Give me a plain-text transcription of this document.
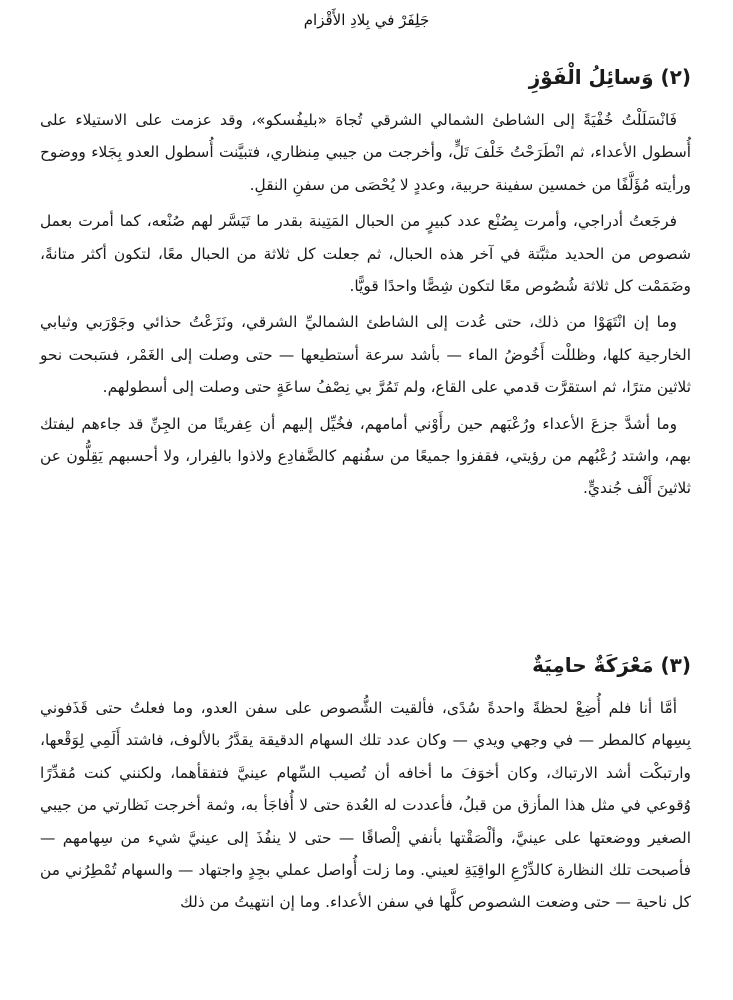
جَلِفَرْ في بِلادِ الأَقْزام
(٢) وَسائِلُ الْفَوْزِ

فَانْسَلَلْتُ خُفْيَةً إلى الشاطئ الشمالي الشرقي تُجاهَ «بليفُسكو»، وقد عزمت على الاستيلاء على أُسطول الأعداء، ثم انْطَرَحْتُ خَلْفَ تَلٍّ، وأخرجت من جيبي مِنظاري، فتبيَّنت أُسطول العدو بِجَلاء ووضوح ورأيته مُؤَلَّفًا من خمسين سفينة حربية، وعددٍ لا يُحْصَى من سفنِ النقلِ.

فرجَعتُ أدراجي، وأمرت بِصُنْع عدد كبيرٍ من الحبال المَتِينة بقدر ما تَيَسَّر لهم صُنْعه، كما أمرت بعمل شصوص من الحديد مثبَّتة في آخر هذه الحبال، ثم جعلت كل ثلاثة من الحبال معًا، لتكون أكثر متانةً، وضَمَمْت كل ثلاثة شُصُوص معًا لتكون شِصًّا واحدًا قويًّا.

وما إن انْتَهَوْا من ذلك، حتى عُدت إلى الشاطئ الشماليِّ الشرقي، ونَزَعْتُ حذائي وجَوْرَبي وثيابي الخارجية كلها، وظللْت أَخُوضُ الماء — بأشد سرعة أستطيعها — حتى وصلت إلى الغَمْر، فسَبحت نحو ثلاثين مترًا، ثم استقرَّت قدمي على القاع، ولم تَمُرَّ بي نِصْفُ ساعَةٍ حتى وصلت إلى أسطولهم.

وما أشدَّ جزعَ الأعداء ورُعْبَهم حين رأَوْني أمامهم، فخُيِّل إليهم أن عِفريتًا من الجِنِّ قد جاءهم ليفتك بهم، واشتد رُعْبُهم من رؤيتي، فقفزوا جميعًا من سفُنهم كالضَّفادِع ولاذوا بالفِرار، ولا أحسبهم يَقِلُّون عن ثلاثينَ أَلْف جُنديٍّ.

(٣) مَعْرَكَةٌ حامِيَةٌ

أمَّا أنا فلم أُضِعْ لحظةً واحدةً سُدًى، فألقيت الشُّصوص على سفن العدو، وما فعلتُ حتى قَذَفوني بِسِهام كالمطر — في وجهي ويدي — وكان عدد تلك السهام الدقيقة يقدَّرُ بالألوف، فاشتد أَلَمِي لِوَقْعها، وارتبكْت أشد الارتباك، وكان أخوَفَ ما أخافه أن تُصيب السِّهام عينيَّ فتفقأهما، ولكنني كنت مُقدِّرًا وُقوعي في مثل هذا المأزق من قبلُ، فأعددت له العُدة حتى لا أُفاجَأ به، وثمة أخرجت نَظارتي من جيبي الصغير ووضعتها على عينيَّ، وألْصَقْتها بأنفي إلْصاقًا — حتى لا ينفُذَ إلى عينيَّ شيء من سِهامهم — فأصبحت تلك النظارة كالدِّرْعِ الواقِيَةِ لعيني. وما زلت أُواصل عملي بجِدٍ واجتهاد — والسهام تُمْطِرُني من كل ناحية — حتى وضعت الشصوص كلَّها في سفن الأعداء. وما إن انتهيتُ من ذلك
